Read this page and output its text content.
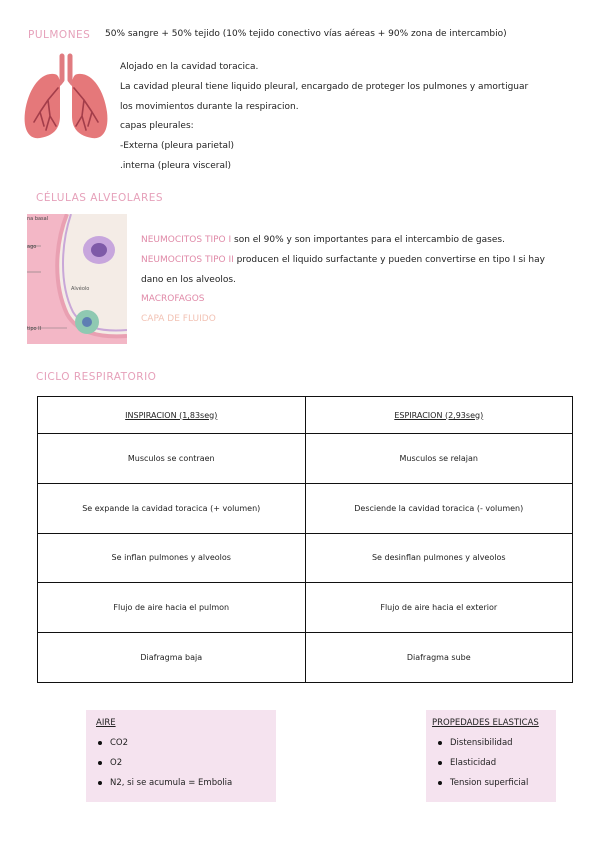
PULMONES 50% sangre + 50% tejido (10% tejido conectivo vías aéreas + 90% zona de intercambio)
Alojado en la cavidad toracica.
La cavidad pleural tiene liquido pleural, encargado de proteger los pulmones y amortiguar
los movimientos durante la respiracion.
capas pleurales:
-Externa (pleura parietal)
.interna (pleura visceral)
CÉLULAS ALVEOLARES
na basal
ago
Alvéolo
tipo II
NEUMOCITOS TIPO I son el 90% y son importantes para el intercambio de gases.
NEUMOCITOS TIPO II producen el liquido surfactante y pueden convertirse en tipo I si hay
dano en los alveolos.
MACROFAGOS
CAPA DE FLUIDO
CICLO RESPIRATORIO
INSPIRACION (1,83seg)	ESPIRACION (2,93seg)
Musculos se contraen	Musculos se relajan
Se expande la cavidad toracica (+ volumen)	Desciende la cavidad toracica (- volumen)
Se inflan pulmones y alveolos	Se desinflan pulmones y alveolos
Flujo de aire hacia el pulmon	Flujo de aire hacia el exterior
Diafragma baja	Diafragma sube
AIRE
CO2
O2
N2, si se acumula = Embolia
PROPEDADES ELASTICAS
Distensibilidad
Elasticidad
Tension superficial
